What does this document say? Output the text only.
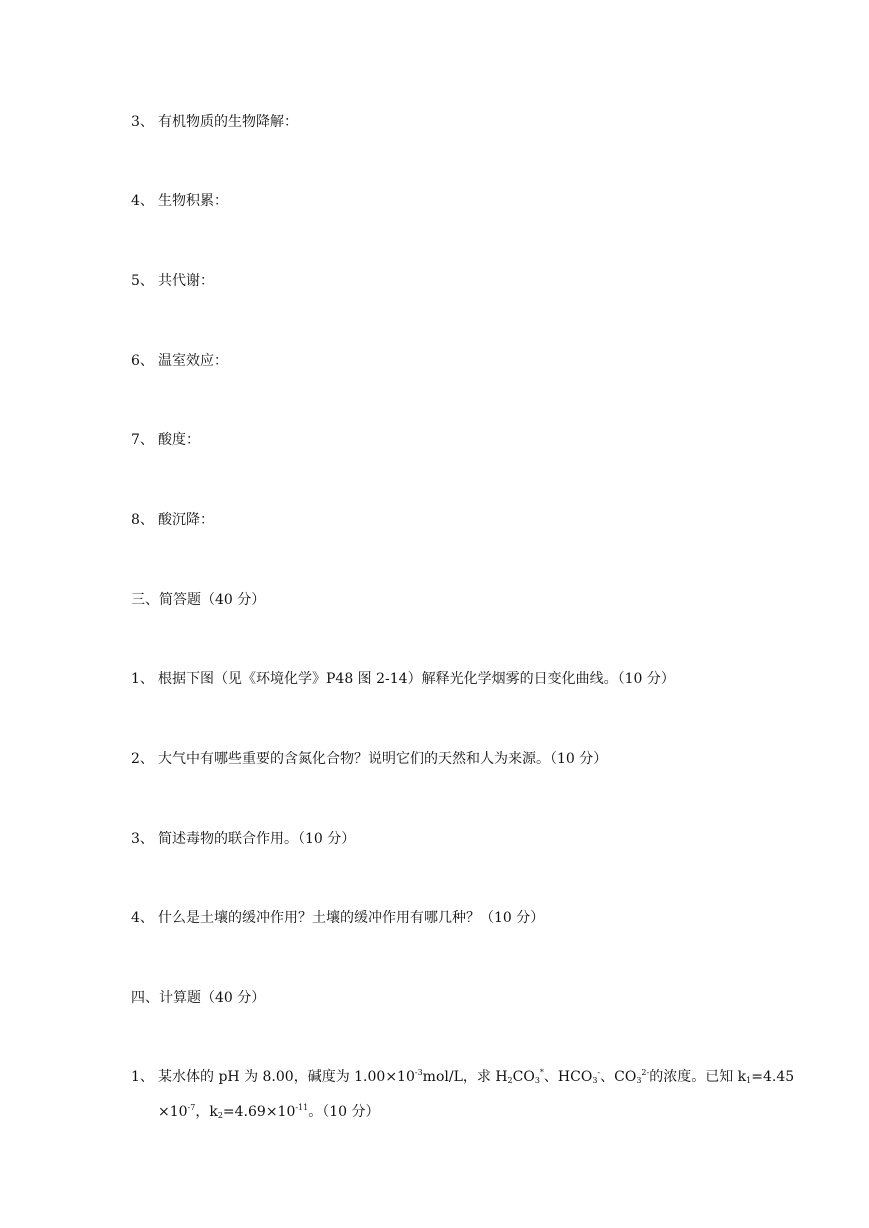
3、 有机物质的生物降解：
4、 生物积累：
5、 共代谢：
6、 温室效应：
7、 酸度：
8、 酸沉降：
三、简答题（40 分）
1、 根据下图（见《环境化学》P48 图 2-14）解释光化学烟雾的日变化曲线。（10 分）
2、 大气中有哪些重要的含氮化合物？说明它们的天然和人为来源。（10 分）
3、 简述毒物的联合作用。（10 分）
4、 什么是土壤的缓冲作用？土壤的缓冲作用有哪几种？（10 分）
四、计算题（40 分）
1、 某水体的 pH 为 8.00，碱度为 $1.00\times 10^{-3}mol/L$，求 $H_2CO_3^*$、$HCO_3^-$、$CO_3^{2-}$的浓度。已知 $k_1=4.45$
$\times 10^{-7}$，$k_2=4.69\times 10^{-11}$。（10 分）
